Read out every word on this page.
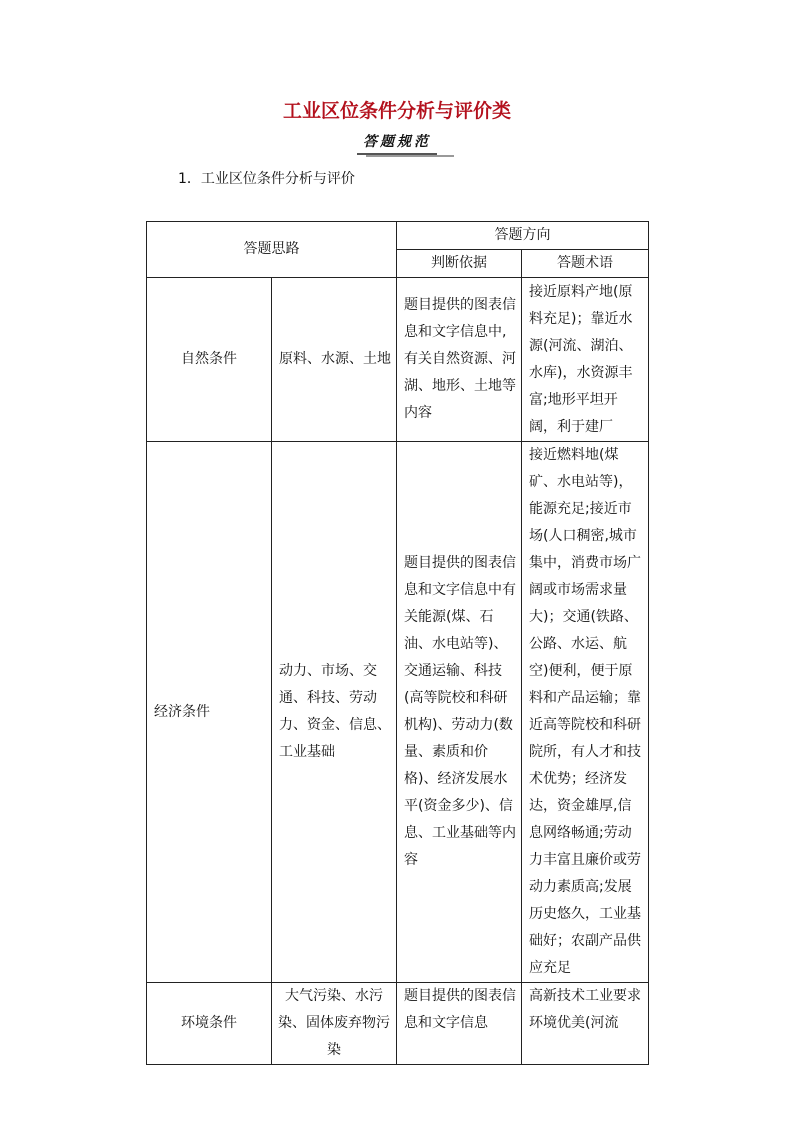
工业区位条件分析与评价类
答题规范
1．工业区位条件分析与评价
答题思路		答题方向	
		判断依据	答题术语
自然条件	原料、水源、土地	题目提供的图表信息和文字信息中,有关自然资源、河湖、地形、土地等内容	接近原料产地(原料充足)；靠近水源(河流、湖泊、水库)，水资源丰富;地形平坦开阔，利于建厂
经济条件	动力、市场、交通、科技、劳动力、资金、信息、工业基础	题目提供的图表信息和文字信息中有关能源(煤、石油、水电站等)、交通运输、科技(高等院校和科研机构)、劳动力(数量、素质和价格)、经济发展水平(资金多少)、信息、工业基础等内容	接近燃料地(煤矿、水电站等)，能源充足;接近市场(人口稠密,城市集中，消费市场广阔或市场需求量大)；交通(铁路、公路、水运、航空)便利，便于原料和产品运输；靠近高等院校和科研院所，有人才和技术优势；经济发达，资金雄厚,信息网络畅通;劳动力丰富且廉价或劳动力素质高;发展历史悠久，工业基础好；农副产品供应充足
环境条件	大气污染、水污染、固体废弃物污染	题目提供的图表信息和文字信息	高新技术工业要求环境优美(河流
